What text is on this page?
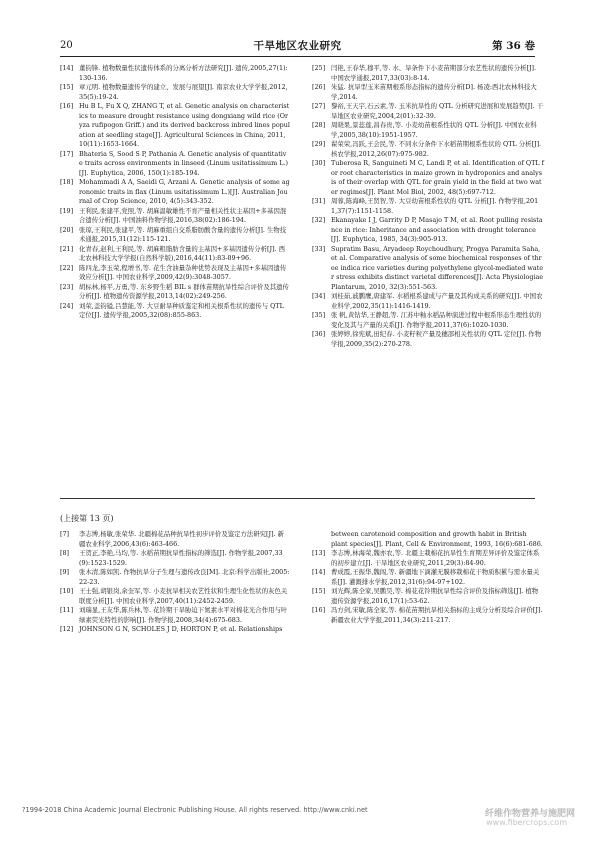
20	干旱地区农业研究	第 36 卷
[14] 董钧锋. 植物数量性状遗传体系的分离分析方法研究[J]. 遗传,2005,27(1):130-136.
[15] 章元明. 植物数量遗传学的建立、发展与展望[J]. 南京农业大学学报,2012,35(5):19-24.
[16] Hu B L, Fu X Q, ZHANG T, et al. Genetic analysis on characteristics to measure drought resistance using dongxiang wild rice (Oryza rufipogon Griff.) and its derived backcross inbred lines population at seedling stage[J]. Agricultural Sciences in China, 2011, 10(11):1653-1664.
[17] Bhateria S, Sood S P, Pathania A. Genetic analysis of quantitative traits across environments in linseed (Linum usitatissimum L.)[J]. Euphytica, 2006, 150(1):185-194.
[18] Mohammadi A A, Saeidi G, Arzani A. Genetic analysis of some agronomic traits in flax (Linum usitatissimum L.)[J]. Australian Journal of Crop Science, 2010, 4(5):343-352.
[19] 王利民,张建平,党照,等. 胡麻温敏雄性不育产量相关性状主基因+多基因混合遗传分析[J]. 中国油料作物学报,2016,38(02):186-194.
[20] 张琼,王利民,张建平,等. 胡麻重组自交系脂肪酸含量的遗传分析[J]. 生物技术通报,2015,31(12):115-121.
[21] 化青春,赵利,王利民,等. 胡麻粗脂肪含量的主基因+多基因遗传分析[J]. 西北农林科技大学学报(自然科学版),2016,44(11):83-89+96.
[22] 陈四龙,李玉荣,程增书,等. 花生含油量杂种优势表现及主基因+多基因遗传效应分析[J]. 中国农业科学,2009,42(9):3048-3057.
[23] 胡标林,杨平,万勇,等. 东乡野生稻 BIL s 群体苗期抗旱性综合评价及其遗传分析[J]. 植物遗传资源学报,2013,14(02):249-256.
[24] 刘荣,盖钧镒,吕慧能,等. 大豆耐旱种质鉴定和相关根系性状的遗传与 QTL 定位[J]. 遗传学报,2005,32(08):855-863.
[25] 闫艳,王春华,穆平,等. 水、旱条件下小麦苗期部分农艺性状的遗传分析[J]. 中国农学通报,2017,33(03):8-14.
[26] 朱猛. 抗旱型玉米苗期根系形态指标的遗传分析[D]. 杨凌:西北农林科技大学,2014.
[27] 黎裕,王天宇,石云素,等. 玉米抗旱性的 QTL 分析研究进展和发展趋势[J]. 干旱地区农业研究,2004,2(01):32-39.
[28] 周晓果,景蕊莲,昌春贵,等. 小麦幼苗根系性状的 QTL 分析[J]. 中国农业科学,2005,38(10):1951-1957.
[29] 翟荣荣,冯跃,王会民,等. 不同水分条件下水稻苗期根系性状的 QTL 分析[J]. 核农学报,2012,26(07):975-982.
[30] Tuberosa R, Sanguineti M C, Landi P, et al. Identification of QTL for root characteristics in maize grown in hydroponics and analysis of their overlap with QTL for grain yield in the field at two water regimes[J]. Plant Mol Biol, 2002, 48(5):697-712.
[31] 周蓉,陈海峰,王贤智,等. 大豆幼苗根系性状的 QTL 分析[J]. 作物学报,2011,37(7):1151-1158.
[32] Ekanayake I J, Garrity D P, Masajo T M, et al. Root pulling resistance in rice: Inheritance and association with drought tolerance[J]. Euphytica, 1985, 34(3):905-913.
[33] Supratim Basu, Aryadeep Roychoudhury, Progya Paramita Saha, et al. Comparative analysis of some biochemical responses of three indica rice varieties during polyethylene glycol-mediated water stress exhibits distinct varietal differences[J]. Acta Physiologiae Plantarum, 2010, 32(3):551-563.
[34] 刘桂茹,戚鹏鹰,唐建军. 水稻根系建成与产量及其构成关系的研究[J]. 中国农业科学,2002,35(11):1416-1419.
[35] 张 帆,黄钻华,王静超,等. 江苏中籼水稻品种演进过程中根系形态生理性状的变化及其与产量的关系[J]. 作物学报,2011,37(6):1020-1030.
[36] 张婷婷,徐宪斌,田纪春. 小麦籽粒产量及穗部相关性状的 QTL 定位[J]. 作物学报,2009,35(2):270-278.
(上接第 13 页)
[7] 李志博,杨敏,张荣华. 北疆棉花品种抗旱性初步评价及鉴定方法研究[J]. 新疆农业科学,2006,43(6):463-466.
[8] 王贺正,李艳,马均,等. 水稻苗期抗旱性指标的筛选[J]. 作物学报,2007,33(9):1523-1529.
[9] 张木清,陈如凯. 作物抗旱分子生理与遗传改良[M]. 北京:科学出版社,2005:22-23.
[10] 王士强,胡银岗,余奎军,等. 小麦抗旱相关农艺性状和生理生化性状的灰色关联度分析[J]. 中国农业科学,2007,40(11):2452-2459.
[11] 刘瑞显,王友华,陈兵林,等. 花铃期干旱胁迫下氮素水平对棉花光合作用与叶绿素荧光特性的影响[J]. 作物学报,2008,34(4):675-683.
[12] JOHNSON G N, SCHOLES J D, HORTON P, et al. Relationships
between carotenoid composition and growth habit in British plant species[J]. Plant, Cell & Environment, 1993, 16(6):681-686.
[13] 李志博,林海荣,魏亦农,等. 北疆主栽棉花抗旱性生育期差异评价及鉴定体系的初步建立[J]. 干旱地区农业研究,2011,29(3):84-90.
[14] 曹成霞,王振华,魏闯,等. 新疆地下滴灌无膜移栽棉花干物质积累与需水量关系[J]. 灌溉排水学报,2012,31(6):94-97+102.
[15] 刘光辉,陈全家,吴鹏昊,等. 棉花花铃期抗旱性综合评价及指标筛选[J]. 植物遗传资源学报,2016,17(1):53-62.
[16] 冯方剑,宋敏,陈全家,等. 棉花苗期抗旱相关指标的主成分分析及综合评价[J]. 新疆农业大学学报,2011,34(3):211-217.
?1994-2018 China Academic Journal Electronic Publishing House. All rights reserved. http://www.cnki.net	纤维作物营养与施肥网
www.fibercrops.com
